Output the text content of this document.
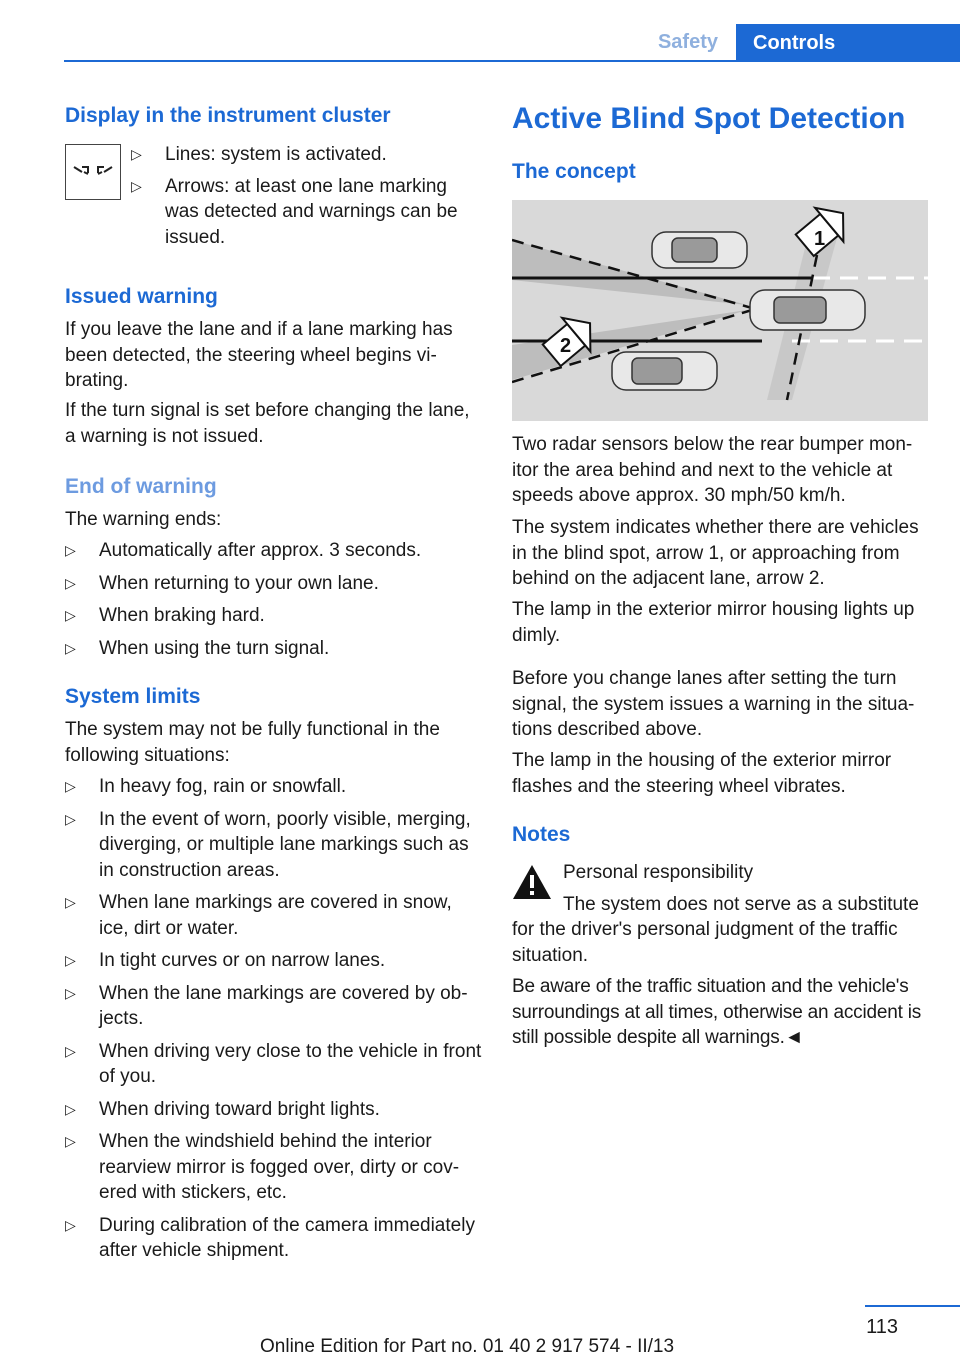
Safety	Controls
Display in the instrument cluster
▷ Lines: system is activated.
▷ Arrows: at least one lane marking was detected and warnings can be issued.
Issued warning

If you leave the lane and if a lane marking has been detected, the steering wheel begins vibrating.

If the turn signal is set before changing the lane, a warning is not issued.

End of warning

The warning ends:

▷ Automatically after approx. 3 seconds.
▷ When returning to your own lane.
▷ When braking hard.
▷ When using the turn signal.
System limits

The system may not be fully functional in the following situations:

▷ In heavy fog, rain or snowfall.
▷ In the event of worn, poorly visible, merging, diverging, or multiple lane markings such as in construction areas.
▷ When lane markings are covered in snow, ice, dirt or water.
▷ In tight curves or on narrow lanes.
▷ When the lane markings are covered by objects.
▷ When driving very close to the vehicle in front of you.
▷ When driving toward bright lights.
▷ When the windshield behind the interior rearview mirror is fogged over, dirty or covered with stickers, etc.
▷ During calibration of the camera immediately after vehicle shipment.
Active Blind Spot Detection
The concept
1
2

Two radar sensors below the rear bumper monitor the area behind and next to the vehicle at speeds above approx. 30 mph/50 km/h.

The system indicates whether there are vehicles in the blind spot, arrow 1, or approaching from behind on the adjacent lane, arrow 2.

The lamp in the exterior mirror housing lights up dimly.

Before you change lanes after setting the turn signal, the system issues a warning in the situations described above.

The lamp in the housing of the exterior mirror flashes and the steering wheel vibrates.

Notes

Personal responsibility

The system does not serve as a substitute

for the driver's personal judgment of the traffic situation.

Be aware of the traffic situation and the vehicle's surroundings at all times, otherwise an accident is still possible despite all warnings.◄

113
Online Edition for Part no. 01 40 2 917 574 - II/13
